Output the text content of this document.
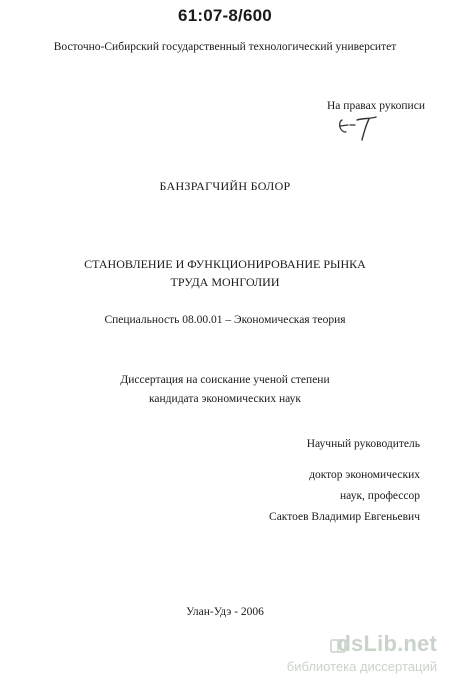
61:07-8/600
Восточно-Сибирский государственный технологический университет
На правах рукописи
БАНЗРАГЧИЙН БОЛОР
СТАНОВЛЕНИЕ И ФУНКЦИОНИРОВАНИЕ РЫНКА
ТРУДА МОНГОЛИИ
Специальность 08.00.01 – Экономическая теория
Диссертация на соискание ученой степени
кандидата экономических наук
Научный руководитель
доктор экономических
наук, профессор
Сактоев Владимир Евгеньевич
Улан-Удэ - 2006
dsLib.net
библиотека диссертаций
